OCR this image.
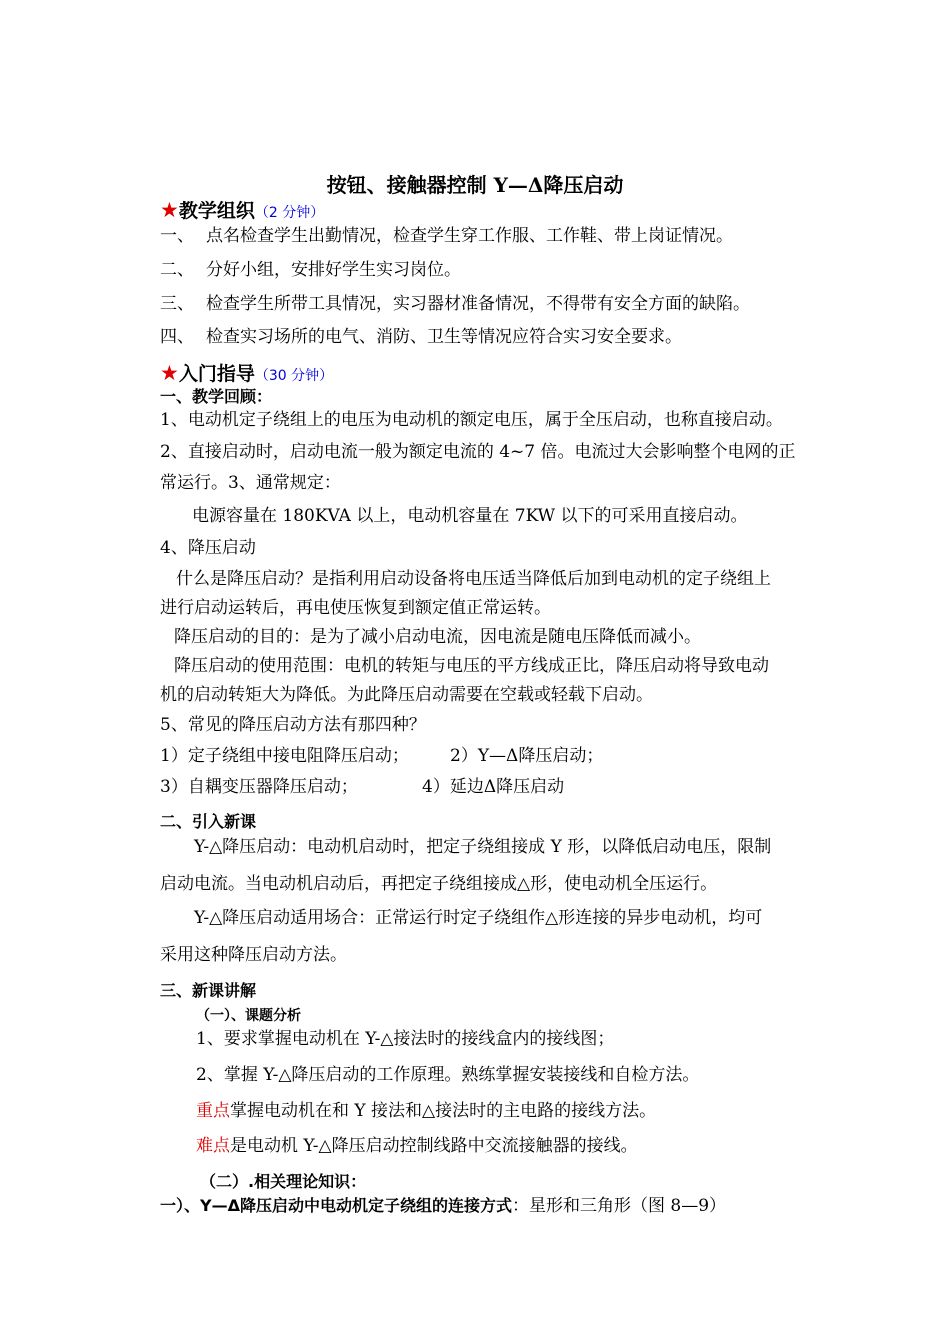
按钮、接触器控制 Y—Δ降压启动
★教学组织（2 分钟）
一、 点名检查学生出勤情况，检查学生穿工作服、工作鞋、带上岗证情况。
二、 分好小组，安排好学生实习岗位。
三、 检查学生所带工具情况，实习器材准备情况，不得带有安全方面的缺陷。
四、 检查实习场所的电气、消防、卫生等情况应符合实习安全要求。
★入门指导（30 分钟）
一、教学回顾：
1、电动机定子绕组上的电压为电动机的额定电压，属于全压启动，也称直接启动。
2、直接启动时，启动电流一般为额定电流的 4~7 倍。电流过大会影响整个电网的正
常运行。3、通常规定：
电源容量在 180KVA 以上，电动机容量在 7KW 以下的可采用直接启动。
4、降压启动
什么是降压启动？是指利用启动设备将电压适当降低后加到电动机的定子绕组上
进行启动运转后，再电使压恢复到额定值正常运转。
降压启动的目的：是为了减小启动电流，因电流是随电压降低而减小。
降压启动的使用范围：电机的转矩与电压的平方线成正比，降压启动将导致电动
机的启动转矩大为降低。为此降压启动需要在空载或轻载下启动。
5、常见的降压启动方法有那四种？
1）定子绕组中接电阻降压启动； 2）Y—Δ降压启动；
3）自耦变压器降压启动；	4）延边Δ降压启动
二、引入新课
Y-△降压启动：电动机启动时，把定子绕组接成 Y 形，以降低启动电压，限制
启动电流。当电动机启动后，再把定子绕组接成△形，使电动机全压运行。
Y-△降压启动适用场合：正常运行时定子绕组作△形连接的异步电动机，均可
采用这种降压启动方法。
三、新课讲解
（一）、课题分析
1、要求掌握电动机在 Y-△接法时的接线盒内的接线图；
2、掌握 Y-△降压启动的工作原理。熟练掌握安装接线和自检方法。
重点掌握电动机在和 Y 接法和△接法时的主电路的接线方法。
难点是电动机 Y-△降压启动控制线路中交流接触器的接线。
（二）.相关理论知识：
一）、Y—Δ降压启动中电动机定子绕组的连接方式：星形和三角形（图 8—9）
